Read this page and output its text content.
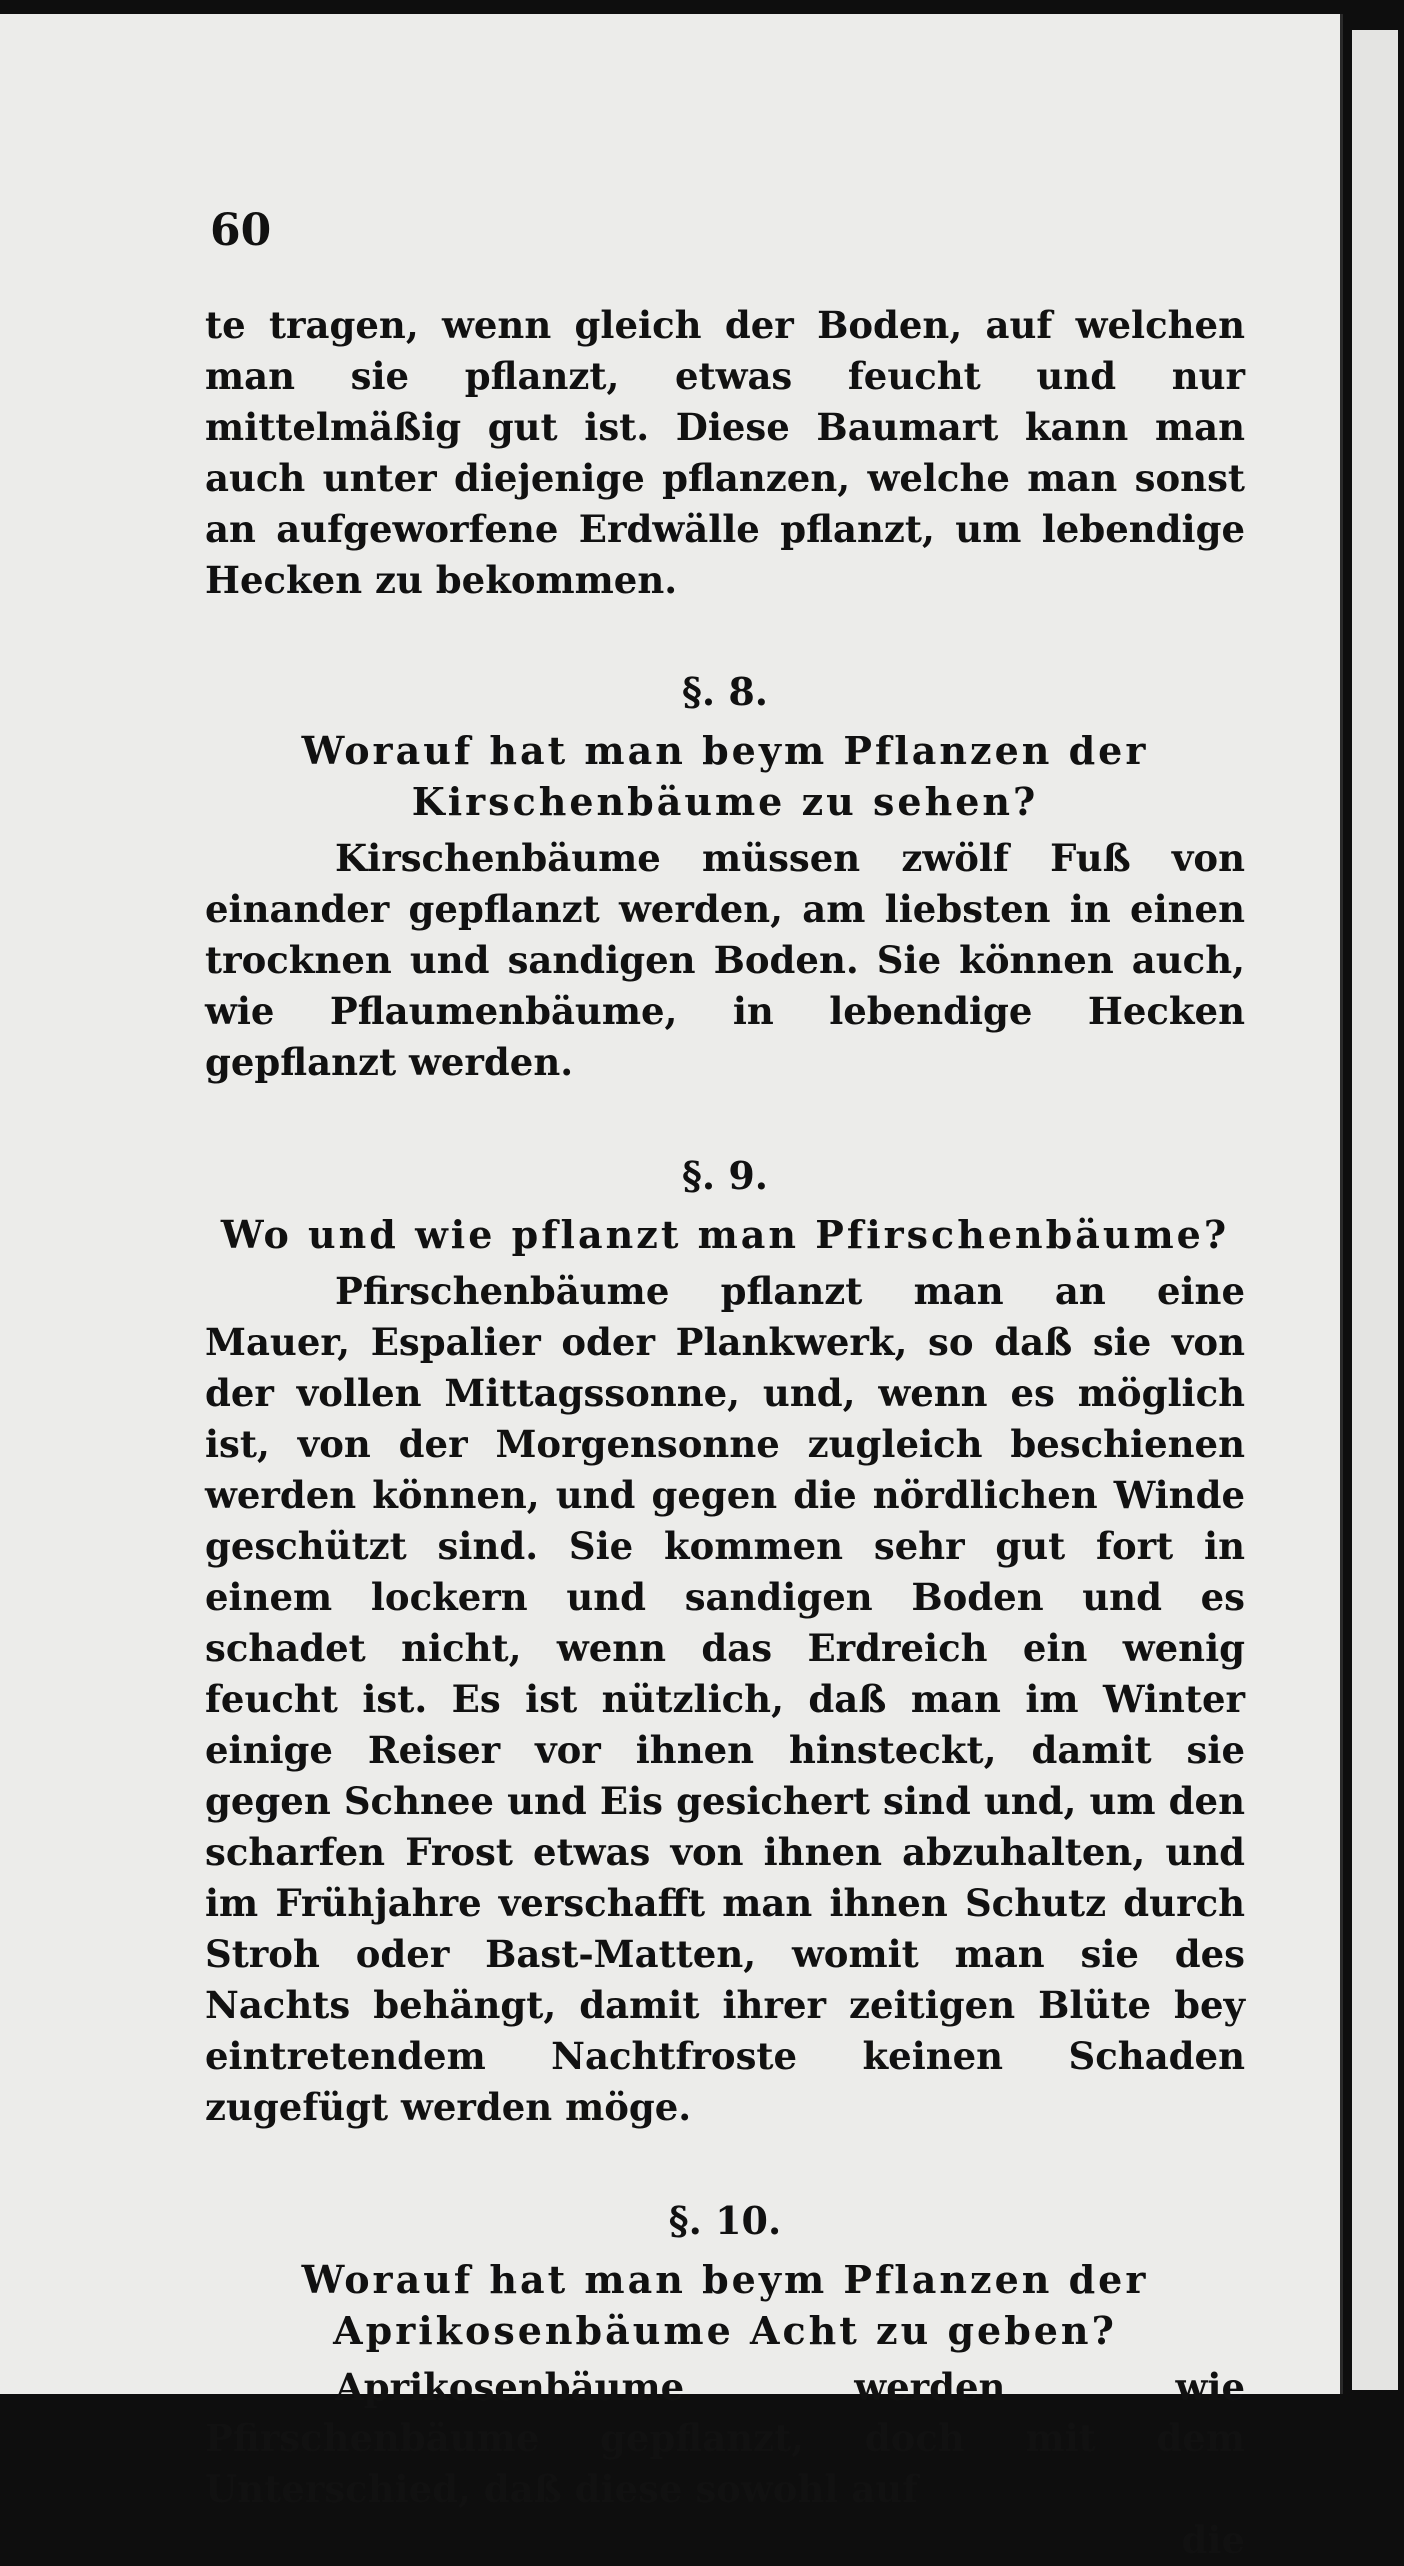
60

te tragen, wenn gleich der Boden, auf welchen man sie pflanzt, etwas feucht und nur mittelmäßig gut ist. Diese Baumart kann man auch unter diejenige pflanzen, welche man sonst an aufgeworfene Erdwälle pflanzt, um lebendige Hecken zu bekommen.

§. 8.
Worauf hat man beym Pflanzen der Kirschenbäume zu sehen?

Kirschenbäume müssen zwölf Fuß von einander gepflanzt werden, am liebsten in einen trocknen und sandigen Boden. Sie können auch, wie Pflaumenbäume, in lebendige Hecken gepflanzt werden.

§. 9.
Wo und wie pflanzt man Pfirschenbäume?

Pfirschenbäume pflanzt man an eine Mauer, Espalier oder Plankwerk, so daß sie von der vollen Mittagssonne, und, wenn es möglich ist, von der Morgensonne zugleich beschienen werden können, und gegen die nördlichen Winde geschützt sind. Sie kommen sehr gut fort in einem lockern und sandigen Boden und es schadet nicht, wenn das Erdreich ein wenig feucht ist. Es ist nützlich, daß man im Winter einige Reiser vor ihnen hinsteckt, damit sie gegen Schnee und Eis gesichert sind und, um den scharfen Frost etwas von ihnen abzuhalten, und im Frühjahre verschafft man ihnen Schutz durch Stroh oder Bast-Matten, womit man sie des Nachts behängt, damit ihrer zeitigen Blüte bey eintretendem Nachtfroste keinen Schaden zugefügt werden möge.

§. 10.
Worauf hat man beym Pflanzen der Aprikosenbäume Acht zu geben?

Aprikosenbäume werden wie Pfirschenbäume gepflanzt, doch mit dem Unterschied, daß diese sowohl auf

die
